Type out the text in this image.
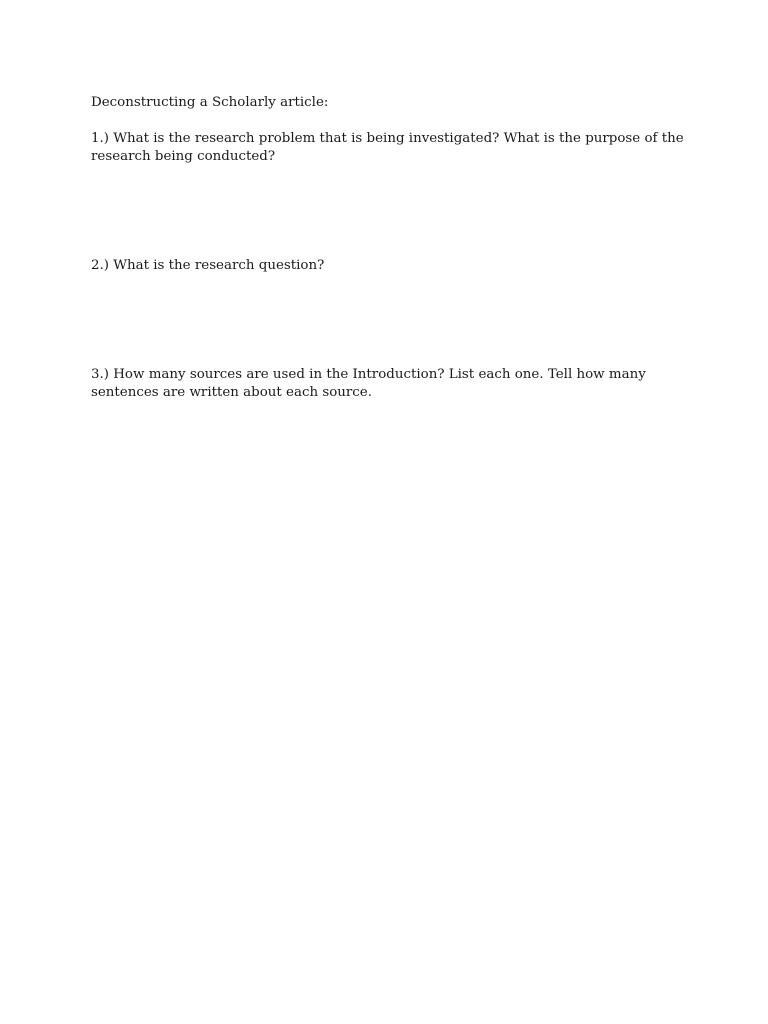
Deconstructing a Scholarly article:

1.) What is the research problem that is being investigated? What is the purpose of the research being conducted?

2.) What is the research question?

3.) How many sources are used in the Introduction? List each one. Tell how many sentences are written about each source.
